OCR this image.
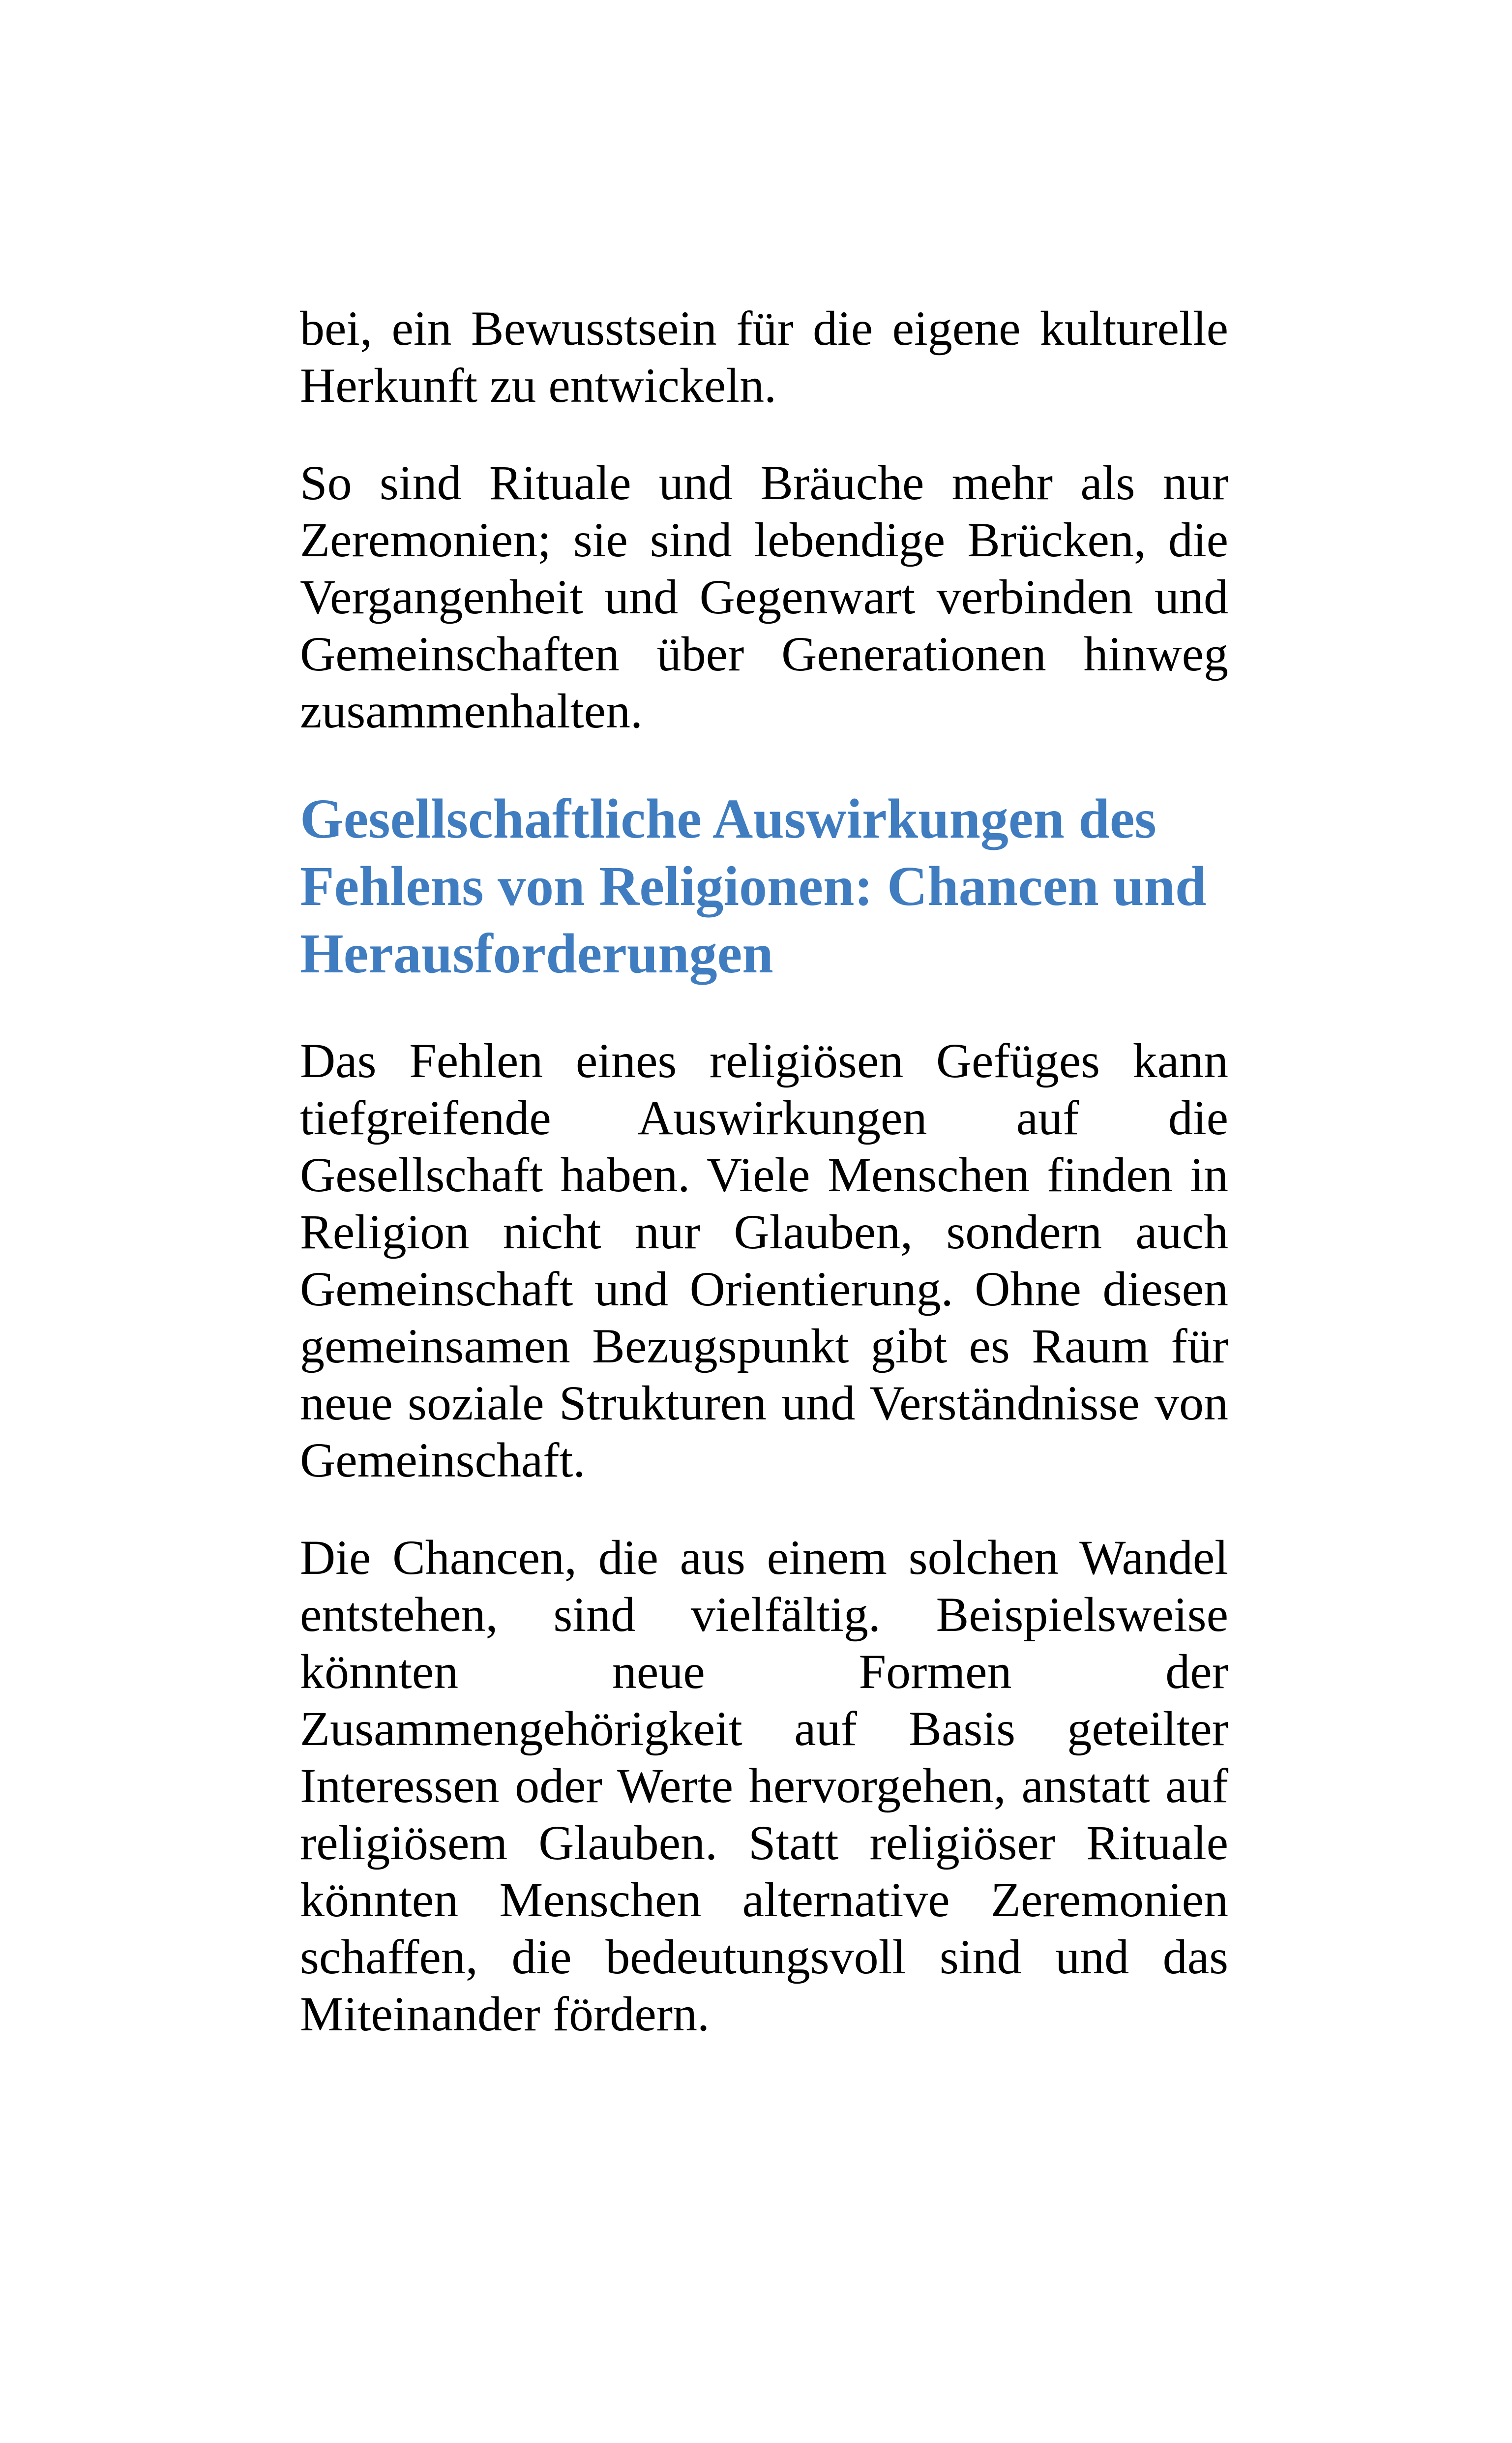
bei, ein Bewusstsein für die eigene kulturelle Herkunft zu entwickeln.

So sind Rituale und Bräuche mehr als nur Zeremonien; sie sind lebendige Brücken, die Vergangenheit und Gegenwart verbinden und Gemeinschaften über Generationen hinweg zusammenhalten.

Gesellschaftliche Auswirkungen des Fehlens von Religionen: Chancen und Herausforderungen

Das Fehlen eines religiösen Gefüges kann tiefgreifende Auswirkungen auf die Gesellschaft haben. Viele Menschen finden in Religion nicht nur Glauben, sondern auch Gemeinschaft und Orientierung. Ohne diesen gemeinsamen Bezugspunkt gibt es Raum für neue soziale Strukturen und Verständnisse von Gemeinschaft.

Die Chancen, die aus einem solchen Wandel entstehen, sind vielfältig. Beispielsweise könnten neue Formen der Zusammengehörigkeit auf Basis geteilter Interessen oder Werte hervorgehen, anstatt auf religiösem Glauben. Statt religiöser Rituale könnten Menschen alternative Zeremonien schaffen, die bedeutungsvoll sind und das Miteinander fördern.
